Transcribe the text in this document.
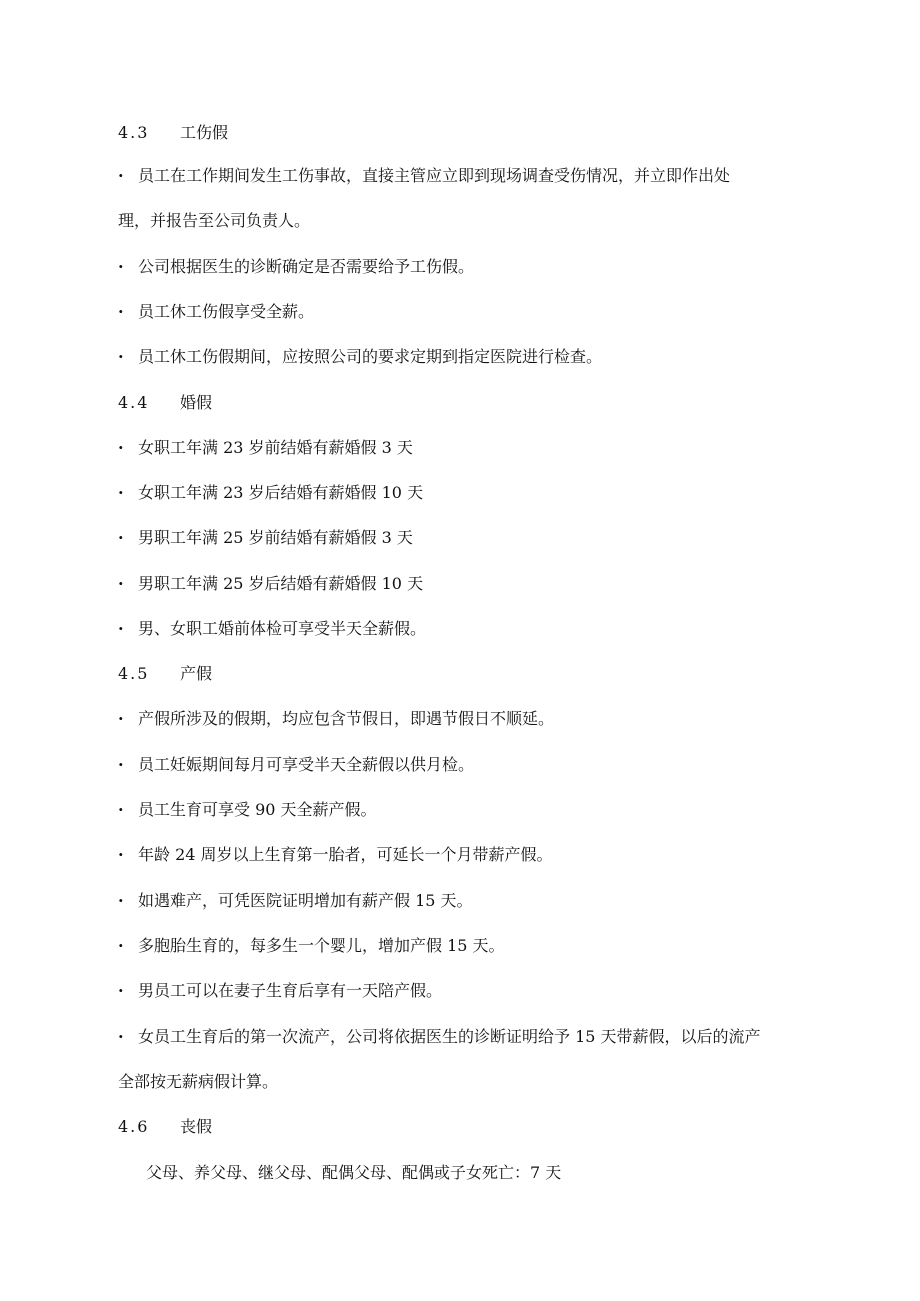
4.3 工伤假
· 员工在工作期间发生工伤事故，直接主管应立即到现场调查受伤情况，并立即作出处
理，并报告至公司负责人。
· 公司根据医生的诊断确定是否需要给予工伤假。
· 员工休工伤假享受全薪。
· 员工休工伤假期间，应按照公司的要求定期到指定医院进行检查。
4.4 婚假
· 女职工年满 23 岁前结婚有薪婚假 3 天
· 女职工年满 23 岁后结婚有薪婚假 10 天
· 男职工年满 25 岁前结婚有薪婚假 3 天
· 男职工年满 25 岁后结婚有薪婚假 10 天
· 男、女职工婚前体检可享受半天全薪假。
4.5 产假
· 产假所涉及的假期，均应包含节假日，即遇节假日不顺延。
· 员工妊娠期间每月可享受半天全薪假以供月检。
· 员工生育可享受 90 天全薪产假。
· 年龄 24 周岁以上生育第一胎者，可延长一个月带薪产假。
· 如遇难产，可凭医院证明增加有薪产假 15 天。
· 多胞胎生育的，每多生一个婴儿，增加产假 15 天。
· 男员工可以在妻子生育后享有一天陪产假。
· 女员工生育后的第一次流产，公司将依据医生的诊断证明给予 15 天带薪假，以后的流产
全部按无薪病假计算。
4.6 丧假
父母、养父母、继父母、配偶父母、配偶或子女死亡：7 天
